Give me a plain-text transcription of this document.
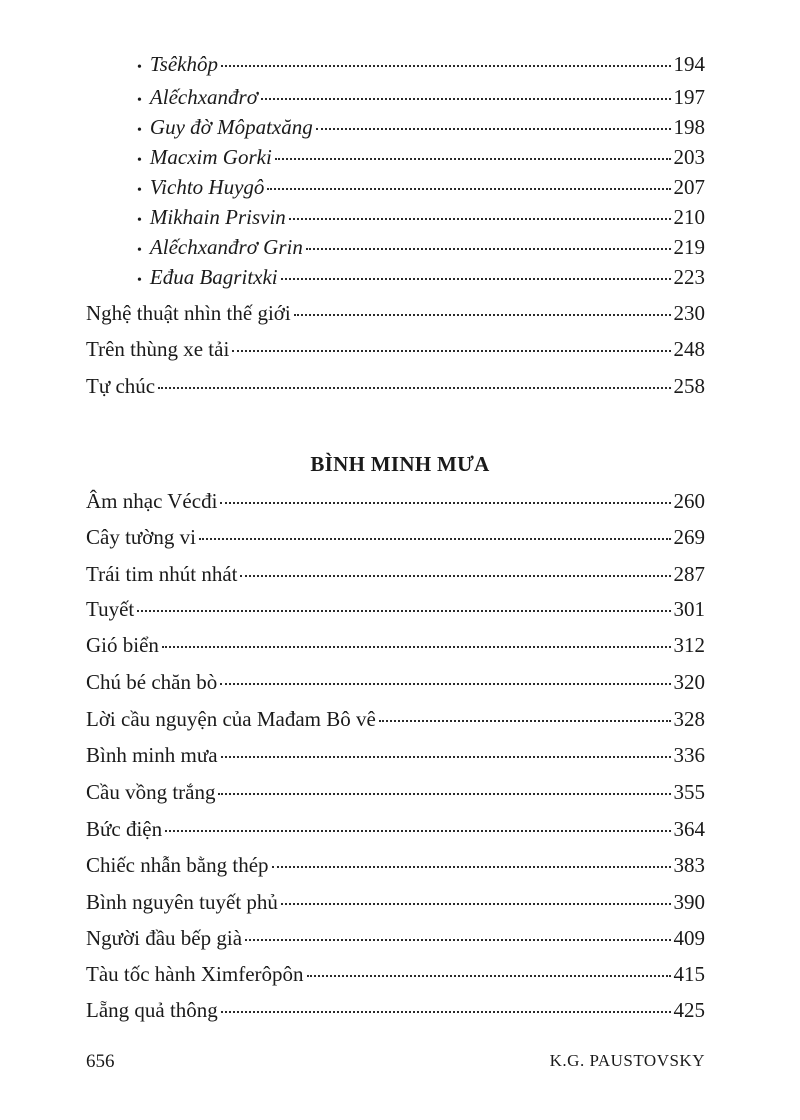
• Tsêkhôp	194
• Alếchxanđrơ	197
• Guy đờ Môpatxăng	198
• Macxim Gorki	203
• Vichto Huygô	207
• Mikhain Prisvin	210
• Alếchxanđrơ Grin	219
• Eđua Bagritxki	223
Nghệ thuật nhìn thế giới	230
Trên thùng xe tải	248
Tự chúc	258
BÌNH MINH MƯA
Âm nhạc Vécđi	260
Cây tường vi	269
Trái tim nhút nhát	287
Tuyết	301
Gió biển	312
Chú bé chăn bò	320
Lời cầu nguyện của Mađam Bô vê	328
Bình minh mưa	336
Cầu vồng trắng	355
Bức điện	364
Chiếc nhẫn bằng thép	383
Bình nguyên tuyết phủ	390
Người đầu bếp già	409
Tàu tốc hành Ximferôpôn	415
Lẵng quả thông	425
656	K.G. PAUSTOVSKY
